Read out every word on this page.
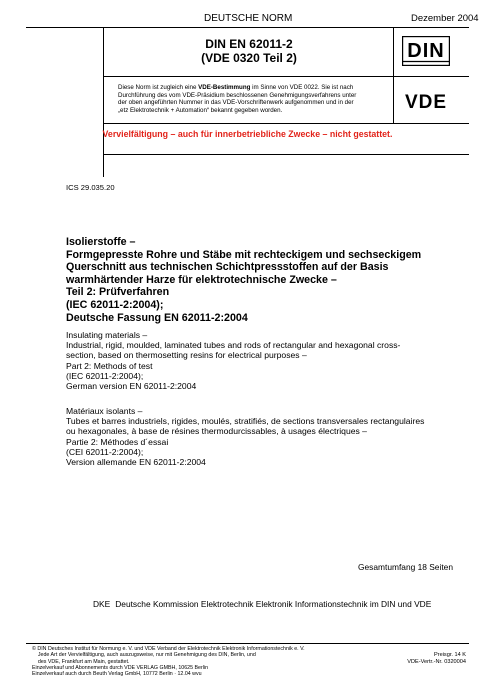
DEUTSCHE NORM	Dezember 2004
DIN EN 62011-2
(VDE 0320 Teil 2)	DIN
Diese Norm ist zugleich eine VDE-Bestimmung im Sinne von VDE 0022. Sie ist nach
Durchführung des vom VDE-Präsidium beschlossenen Genehmigungsverfahrens unter
der oben angeführten Nummer in das VDE-Vorschriftenwerk aufgenommen und in der
„etz Elektrotechnik + Automation“ bekannt gegeben worden.	VDE
Vervielfältigung – auch für innerbetriebliche Zwecke – nicht gestattet.
ICS 29.035.20
Isolierstoffe –
Formgepresste Rohre und Stäbe mit rechteckigem und sechseckigem
Querschnitt aus technischen Schichtpressstoffen auf der Basis
warmhärtender Harze für elektrotechnische Zwecke –
Teil 2: Prüfverfahren
(IEC 62011-2:2004);
Deutsche Fassung EN 62011-2:2004
Insulating materials –
Industrial, rigid, moulded, laminated tubes and rods of rectangular and hexagonal cross-
section, based on thermosetting resins for electrical purposes –
Part 2: Methods of test
(IEC 62011-2:2004);
German version EN 62011-2:2004
Matériaux isolants –
Tubes et barres industriels, rigides, moulés, stratifiés, de sections transversales rectangulaires
ou hexagonales, à base de résines thermodurcissables, à usages électriques –
Partie 2: Méthodes d´essai
(CEI 62011-2:2004);
Version allemande EN 62011-2:2004
Gesamtumfang 18 Seiten
DKE Deutsche Kommission Elektrotechnik Elektronik Informationstechnik im DIN und VDE
© DIN Deutsches Institut für Normung e. V. und VDE Verband der Elektrotechnik Elektronik Informationstechnik e. V.
Jede Art der Vervielfältigung, auch auszugsweise, nur mit Genehmigung des DIN, Berlin, und
des VDE, Frankfurt am Main, gestattet.
Einzelverkauf und Abonnements durch VDE VERLAG GMBH, 10625 Berlin
Einzelverkauf auch durch Beuth Verlag GmbH, 10772 Berlin · 12.04 wvu
Preisgr. 14 K
VDE-Vertr.-Nr. 0320004
